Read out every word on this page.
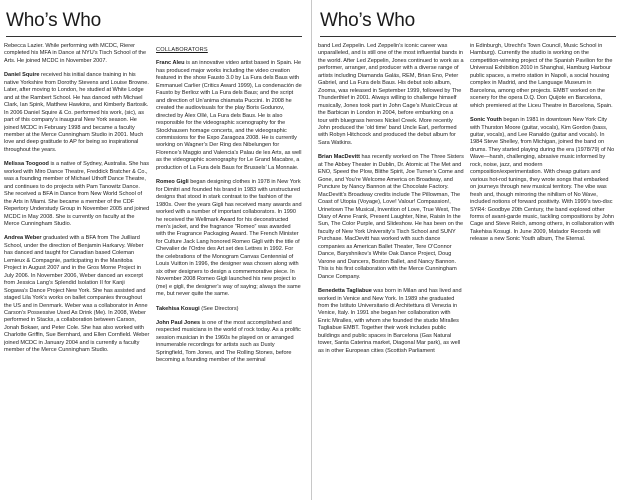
Who’s Who

Rebecca Lazier. While performing with MCDC, Rierer completed his MFA in Dance at NYU’s Tisch School of the Arts. He joined MCDC in November 2007.

Daniel Squire received his initial dance training in his native Yorkshire from Dorothy Stevens and Louise Browne. Later, after moving to London, he studied at White Lodge and at the Rambert School. He has danced with Michael Clark, Ian Spink, Matthew Hawkins, and Kimberly Bartosik. In 2006 Daniel Squire & Co. performed his work, (sic), as part of this company’s inaugural New York season. He joined MCDC in February 1998 and became a faculty member at the Merce Cunningham Studio in 2001. Much love and deep gratitude to AP for being so inspirational throughout the years.

Melissa Toogood is a native of Sydney, Australia. She has worked with Miro Dance Theatre, Freddick Bratcher & Co., was a founding member of Michael Uthoff Dance Theatre, and continues to do projects with Pam Tanowitz Dance. She received a BFA in Dance from New World School of the Arts in Miami. She became a member of the CDF Repertory Understudy Group in November 2005 and joined MCDC in May 2008. She is currently on faculty at the Merce Cunningham Studio.

Andrea Weber graduated with a BFA from The Juilliard School, under the direction of Benjamin Harkarvy. Weber has danced and taught for Canadian based Coleman Lemieux & Compagnie, participating in the Manitoba Project in August 2007 and in the Gros Morne Project in July 2006. In November 2006, Weber danced an excerpt from Jessica Lang’s Splendid Isolation II for Kanji Sogawa’s Dance Project New York. She has assisted and staged Lila York’s works on ballet companies throughout the US and in Denmark. Weber was a collaborator in Anne Carson’s Possessive Used As Drink (Me). In 2008, Weber performed in Stacks, a collaboration between Carson, Jonah Bokaer, and Peter Cole. She has also worked with Charlotte Griffin, Sue Bernhard, and Ellen Cornfield. Weber joined MCDC in January 2004 and is currently a faculty member of the Merce Cunningham Studio.

COLLABORATORS

Franc Aleu is an innovative video artist based in Spain. He has produced major works including the video creation featured in the show Fausto 3.0 by La Fura dels Baus with Emmanuel Carlier (Critics Award 1999), La condenación de Fausto by Berlioz with La Fura dels Baus; and the script and direction of Un’anima chiamata Puccini. In 2008 he created the audiovisuals for the play Boris Godunov, directed by Àlex Ollé, La Fura dels Baus. He is also responsible for the videographic scenography for the Stockhausen homage concerts, and the videographic commissions for the Expo Zaragoza 2008. He is currently working on Wagner’s Der Ring des Nibelungen for Florence’s Maggio and Valencia’s Palau de les Arts, as well as the videographic scenography for Le Grand Macabre, a production of La Fura dels Baus for Brussels’ La Monnaie.

Romeo Gigli began designing clothes in 1978 in New York for Dimitri and founded his brand in 1983 with unstructured designs that stood in stark contrast to the fashion of the 1980s. Over the years Gigli has received many awards and worked with a number of important collaborators. In 1990 he received the Wellmark Award for his deconstructed men’s jacket, and the fragrance “Romeo” was awarded with the Fragrance Packaging Award. The French Minister for Culture Jack Lang honored Romeo Gigli with the title of Chevalier de l’Ordre des Art set des Lettres in 1992. For the celebrations of the Monogram Canvas Centennial of Louis Vuitton in 1996, the designer was chosen along with six other designers to design a commemorative piece. In November 2008 Romeo Gigli launched his new project io (me) e gigli, the designer’s way of saying; always the same me, but never quite the same.

Takehisa Kosugi (See Directors)

John Paul Jones is one of the most accomplished and respected musicians in the world of rock today. As a prolific session musician in the 1960s he played on or arranged innumerable recordings for artists such as Dusty Springfield, Tom Jones, and The Rolling Stones, before becoming a founding member of the seminal

Who’s Who

band Led Zeppelin. Led Zeppelin’s iconic career was unparalleled, and is still one of the most influential bands in the world. After Led Zeppelin, Jones continued to work as a performer, arranger, and producer with a diverse range of artists including Diamanda Galás, REM, Brian Eno, Peter Gabriel, and La Fura dels Baus. His debut solo album, Zooma, was released in September 1999, followed by The Thunderthief in 2001. Always willing to challenge himself musically, Jones took part in John Cage’s MusicCircus at the Barbican in London in 2004, before embarking on a tour with bluegrass heroes Nickel Creek. More recently John produced the ‘old time’ band Uncle Earl, performed with Robyn Hitchcock and produced the debut album for Sara Watkins.

Brian MacDevitt has recently worked on The Three Sisters at The Abbey Theater in Dublin, Dr. Atomic at The Met and ENO, Speed the Plow, Blithe Spirit, Joe Turner’s Come and Gone, and You’re Welcome America on Broadway, and Puncture by Nancy Bannon at the Chocolate Factory. MacDevitt’s Broadway credits include The Pillowman, The Coast of Utopia (Voyage), Love! Valour! Compassion!, Urinetown The Musical, Invention of Love, True West, The Diary of Anne Frank, Present Laughter, Nine, Raisin In the Sun, The Color Purple, and Slideshow. He has been on the faculty of New York University’s Tisch School and SUNY Purchase. MacDevitt has worked with such dance companies as American Ballet Theater, Tere O’Connor Dance, Baryshnikov’s White Oak Dance Project, Doug Varone and Dancers, Boston Ballet, and Nancy Bannon. This is his first collaboration with the Merce Cunningham Dance Company.

Benedetta Tagliabue was born in Milan and has lived and worked in Venice and New York. In 1989 she graduated from the Istituto Universitario di Architettura di Venezia in Venice, Italy. In 1991 she began her collaboration with Enric Miralles, with whom she founded the studio Miralles Tagliabue EMBT. Together their work includes public buildings and public spaces in Barcelona (Gas Natural tower, Santa Caterina market, Diagonal Mar park), as well as in other European cities (Scottish Parliament

in Edinburgh, Utrecht’s Town Council, Music School in Hamburg). Currently the studio is working on the competition-winning project of the Spanish Pavilion for the Universal Exhibition 2010 in Shanghai, Hamburg Harbour public spaces, a metro station in Napoli, a social housing complex in Madrid, and the Language Museum in Barcelona, among other projects. EMBT worked on the scenery for the opera D.Q. Don Quijote en Barcelona, which premiered at the Liceu Theatre in Barcelona, Spain.

Sonic Youth began in 1981 in downtown New York City with Thurston Moore (guitar, vocals), Kim Gordon (bass, guitar, vocals), and Lee Ranaldo (guitar and vocals). In 1984 Steve Shelley, from Michigan, joined the band on drums. They started playing during the era (1978/79) of No Wave—harsh, challenging, abrasive music informed by rock, noise, jazz, and modern composition/experimentation. With cheap guitars and various hot-rod tunings, they wrote songs that embarked on journeys through new musical territory. The vibe was fresh and, though mirroring the nihilism of No Wave, included notions of forward positivity. With 1999’s two-disc SYR4: Goodbye 20th Century, the band explored other forms of avant-garde music, tackling compositions by John Cage and Steve Reich, among others, in collaboration with Takehisa Kosugi. In June 2009, Matador Records will release a new Sonic Youth album, The Eternal.
